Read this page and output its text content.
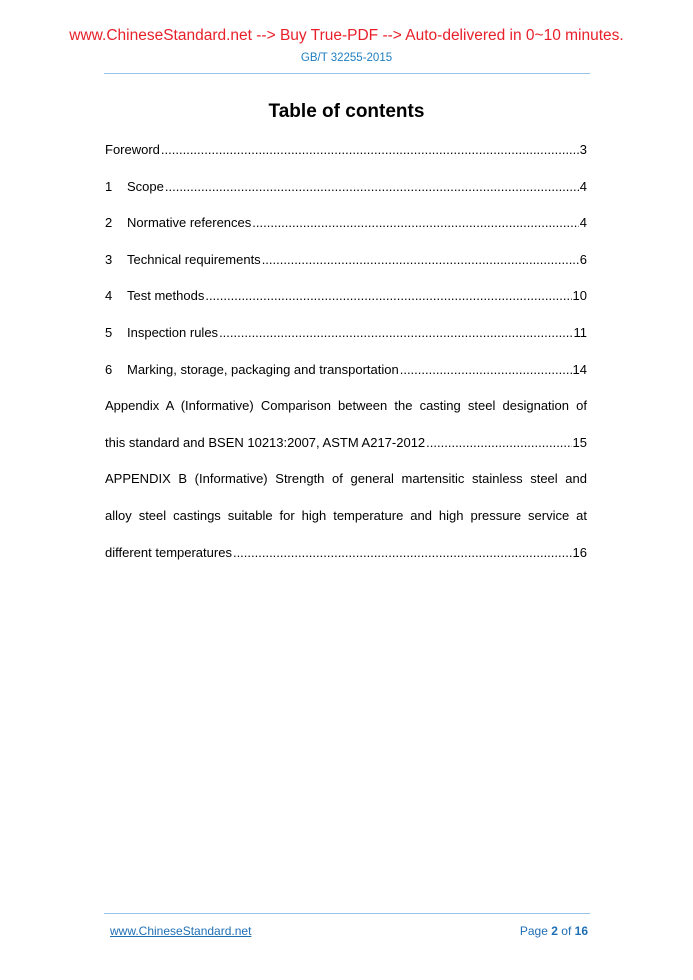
www.ChineseStandard.net --> Buy True-PDF --> Auto-delivered in 0~10 minutes.
GB/T 32255-2015
Table of contents
Foreword .....	3
1	Scope .....	4
2	Normative references .....	4
3	Technical requirements .....	6
4	Test methods .....	10
5	Inspection rules .....	11
6	Marking, storage, packaging and transportation .....	14
Appendix A (Informative) Comparison between the casting steel designation of
this standard and BSEN 10213:2007, ASTM A217-2012 .....	15
APPENDIX B (Informative) Strength of general martensitic stainless steel and
alloy steel castings suitable for high temperature and high pressure service at
different temperatures .....	16
www.ChineseStandard.net	Page 2 of 16
